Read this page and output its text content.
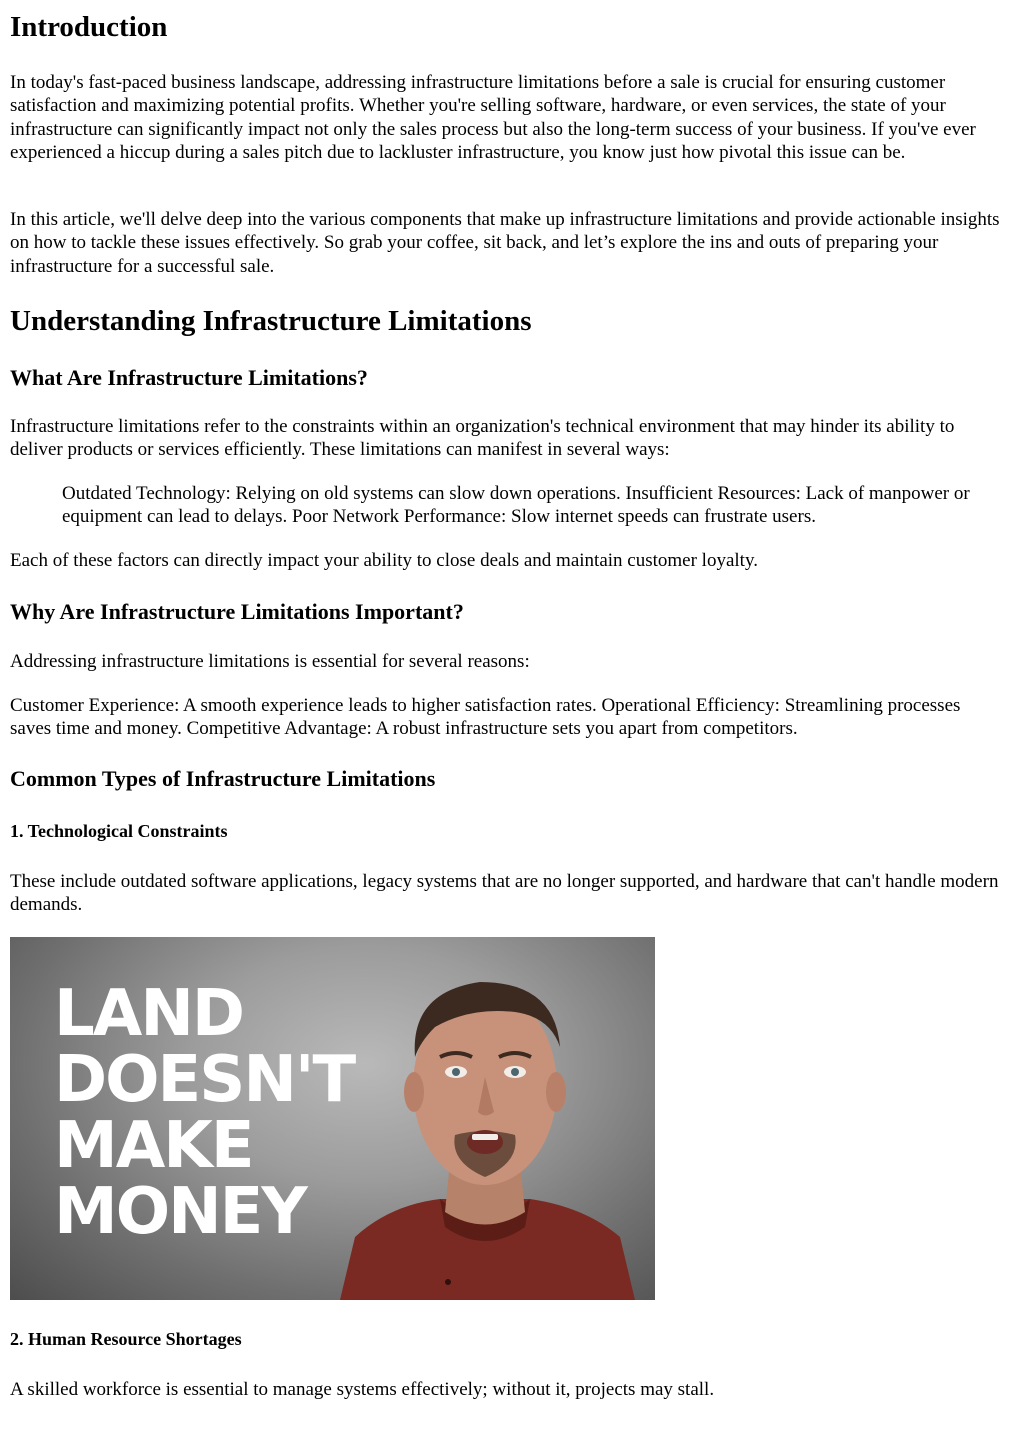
Introduction

In today's fast-paced business landscape, addressing infrastructure limitations before a sale is crucial for ensuring customer satisfaction and maximizing potential profits. Whether you're selling software, hardware, or even services, the state of your infrastructure can significantly impact not only the sales process but also the long-term success of your business. If you've ever experienced a hiccup during a sales pitch due to lackluster infrastructure, you know just how pivotal this issue can be.

In this article, we'll delve deep into the various components that make up infrastructure limitations and provide actionable insights on how to tackle these issues effectively. So grab your coffee, sit back, and let’s explore the ins and outs of preparing your infrastructure for a successful sale.

Understanding Infrastructure Limitations
What Are Infrastructure Limitations?

Infrastructure limitations refer to the constraints within an organization's technical environment that may hinder its ability to deliver products or services efficiently. These limitations can manifest in several ways:

Outdated Technology: Relying on old systems can slow down operations. Insufficient Resources: Lack of manpower or equipment can lead to delays. Poor Network Performance: Slow internet speeds can frustrate users.

Each of these factors can directly impact your ability to close deals and maintain customer loyalty.

Why Are Infrastructure Limitations Important?

Addressing infrastructure limitations is essential for several reasons:

Customer Experience: A smooth experience leads to higher satisfaction rates. Operational Efficiency: Streamlining processes saves time and money. Competitive Advantage: A robust infrastructure sets you apart from competitors.

Common Types of Infrastructure Limitations
1. Technological Constraints

These include outdated software applications, legacy systems that are no longer supported, and hardware that can't handle modern demands.

LAND
DOESN'T
MAKE
MONEY
2. Human Resource Shortages

A skilled workforce is essential to manage systems effectively; without it, projects may stall.
